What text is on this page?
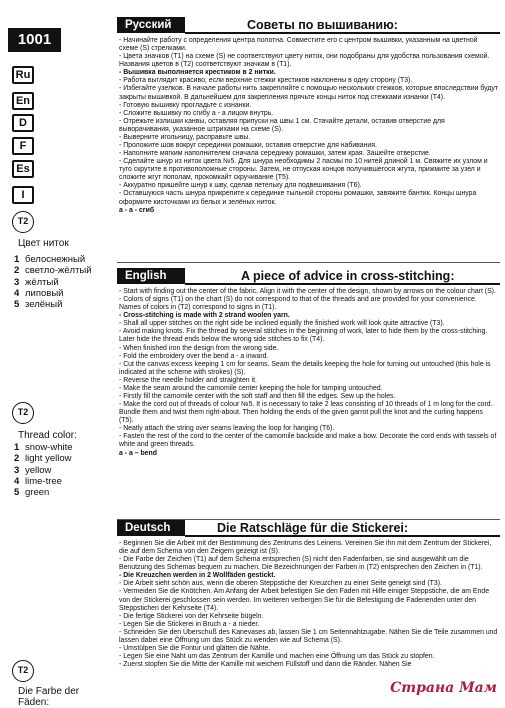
1001
Ru
En
D
F
Es
I
T2
Цвет ниток
1 белоснежный
2 светло-жёлтый
3 жёлтый
4 липовый
5 зелёный
T2
Thread color:
1 snow-white
2 light yellow
3 yellow
4 lime-tree
5 green
T2
Die Farbe der Fäden:
Русский	Советы по вышиванию:

- Начинайте работу с определения центра полотна. Совместите его с центром вышивки, указанным на цветной схеме (S) стрелками.

- Цвета значков (T1) на схеме (S) не соответствуют цвету ниток, они подобраны для удобства пользования схемой. Названия цветов в (T2) соответствуют значкам в (T1).

- Вышивка выполняется крестиком в 2 нитки.

- Работа выглядит красиво, если верхние стежки крестиков наклонены в одну сторону (T3).

- Избегайте узелков. В начале работы нить закрепляйте с помощью нескольких стежков, которые впоследствии будут закрыты вышивкой. В дальнейшем для закрепления прячьте концы ниток под стежками изнанки (T4).

- Готовую вышивку прогладьте с изнанки.

- Сложите вышивку по сгибу а - а лицом внутрь.

- Отрежьте излишки канвы, оставляя припуски на швы 1 см. Стачайте детали, оставив отверстие для выворачивания, указанное штрихами на схеме (S).

- Выверните игольницу, расправьте швы.

- Проложите шов вокруг серединки ромашки, оставив отверстие для набивания.

- Наполните мягким наполнителем сначала серединку ромашки, затем края. Зашейте отверстие.

- Сделайте шнур из ниток цвета №5. Для шнура необходимы 2 пасмы по 10 нитей длиной 1 м. Свяжите их узлом и туго скрутите в противоположные стороны. Затем, не отпуская концов получившегося жгута, прижмите за узел и сложите жгут пополам, прокомкайт скручивание (T5).

- Аккуратно пришейте шнур к шву, сделав петельку для подвешивания (T6).

- Оставшуюся часть шнура прикрепите к серединке тыльной стороны ромашки, завяжите бантик. Концы шнура оформите кисточками из белых и зелёных ниток.

а - а - сгиб

English	A piece of advice in cross-stitching:

- Start with finding out the center of the fabric. Align it with the center of the design, shown by arrows on the colour chart (S).

- Colors of signs (T1) on the chart (S) do not correspond to that of the threads and are provided for your convenience. Names of colors in (T2) correspond to signs in (T1).

- Cross-stitching is made with 2 strand woolen yarn.

- Shall all upper stitches on the right side be inclined equally the finished work will look quite attractive (T3).

- Avoid making knots. Fix the thread by several stitches in the beginning of work, later to hide them by the cross-stitching. Later hide the thread ends below the wrong side stitches to fix (T4).

- When finished iron the design from the wrong side.

- Fold the embroidery over the bend a - a inward.

- Cut the canvas excess keeping 1 cm for seams. Seam the details keeping the hole for turning out untouched (this hole is indicated at the scheme with strokes) (S).

- Reverse the needle holder and straighten it.

- Make the seam around the camomile center keeping the hole for tamping untouched.

- Firstly fill the camomile center with the soft staff and then fill the edges. Sew up the holes.

- Make the cord out of threads of colour №5. It is necessary to take 2 leas consisting of 10 threads of 1 m long for the cord. Bundle them and twist them right-about. Then holding the ends of the given garrot pull the knot and the curling happens (T5).

- Neatly attach the string over seams leaving the loop for hanging (T6).

- Fasten the rest of the cord to the center of the camomile backside and make a bow. Decorate the cord ends with tassels of white and green threads.

a - a – bend

Deutsch	Die Ratschläge für die Stickerei:

- Beginnen Sie die Arbeit mit der Bestimmung des Zentrums des Leinens. Vereinen Sie ihn mit dem Zentrum der Stickerei, die auf dem Schema von den Zeigern gezeigt ist (S).

- Die Farbe der Zeichen (T1) auf dem Schema entsprechen (S) nicht den Fadenfarben, sie sind ausgewählt um die Benutzung des Schemas bequem zu machen. Die Bezeichnungen der Farben in (T2) entsprechen den Zeichen in (T1).

- Die Kreuzchen werden in 2 Wollfäden gestickt.

- Die Arbeit sieht schön aus, wenn die oberen Steppstiche der Kreuzchen zu einer Seite geneigt sind (T3).

- Vermeiden Sie die Knötchen. Am Anfang der Arbeit befestigen Sie den Faden mit Hilfe einiger Steppstiche, die am Ende von der Stickerei geschlossen sein werden. Im weiteren verbergen Sie für die Befestigung die Fadenenden unter den Steppstichen der Kehrseite (T4).

- Die fertige Stickerei von der Kehrseite bügeln.

- Legen Sie die Stickerei in Bruch a - a nieder.

- Schneiden Sie den Überschuß des Kanevases ab, lassen Sie 1 cm Seitennahtzugabe. Nähen Sie die Teile zusammen und lassen dabei eine Öffnung um das Stück zu wenden wie auf Schema (S).

- Umstülpen Sie die Fontur und glätten die Nähte.

- Legen Sie eine Naht um das Zentrum der Kamille und machen eine Öffnung um das Stück zu stopfen.

- Zuerst stopfen Sie die Mitte der Kamille mit weichem Füllstoff und dann die Ränder. Nähen Sie

Страна Мам
